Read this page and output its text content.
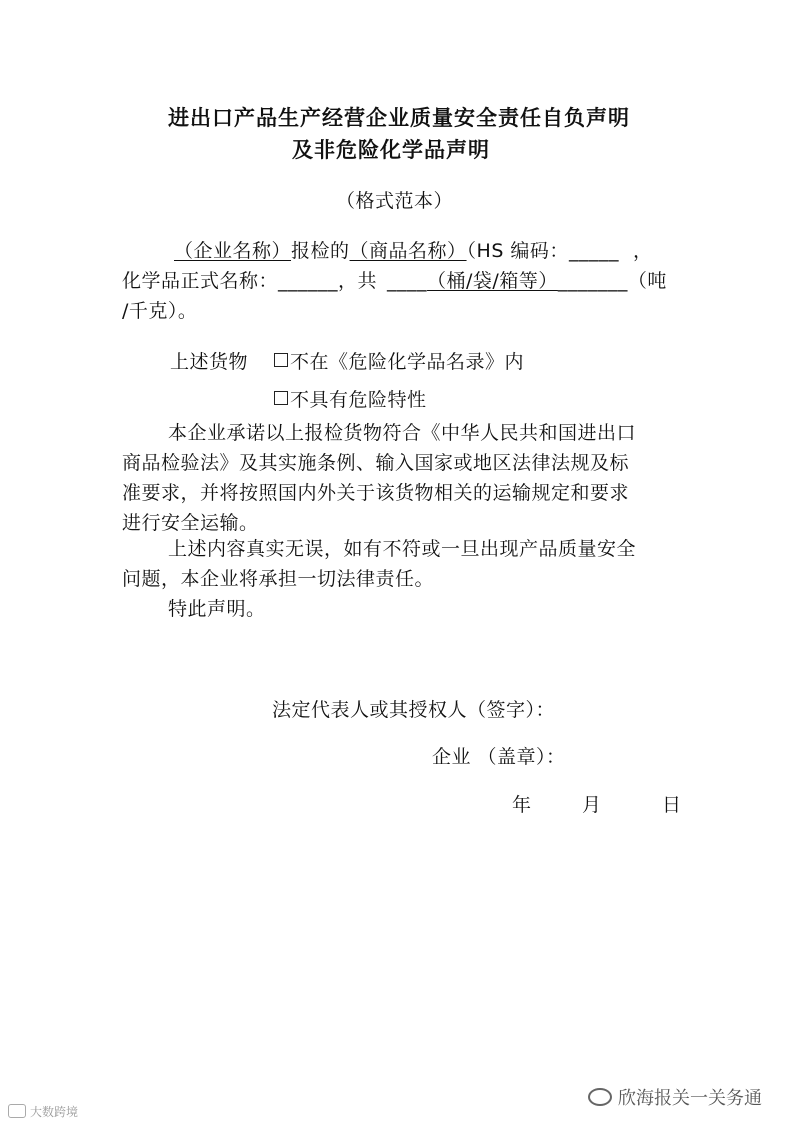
进出口产品生产经营企业质量安全责任自负声明
及非危险化学品声明
（格式范本）
（企业名称）报检的（商品名称）（HS 编码：_____ ，
化学品正式名称：______，共 ____（桶/袋/箱等）_______（吨
/千克）。
上述货物	不在《危险化学品名录》内
不具有危险特性
本企业承诺以上报检货物符合《中华人民共和国进出口
商品检验法》及其实施条例、输入国家或地区法律法规及标
准要求，并将按照国内外关于该货物相关的运输规定和要求
进行安全运输。
上述内容真实无误，如有不符或一旦出现产品质量安全
问题，本企业将承担一切法律责任。
特此声明。
法定代表人或其授权人（签字）：
企业 （盖章）：
年	月	日
欣海报关一关务通
大数跨境
